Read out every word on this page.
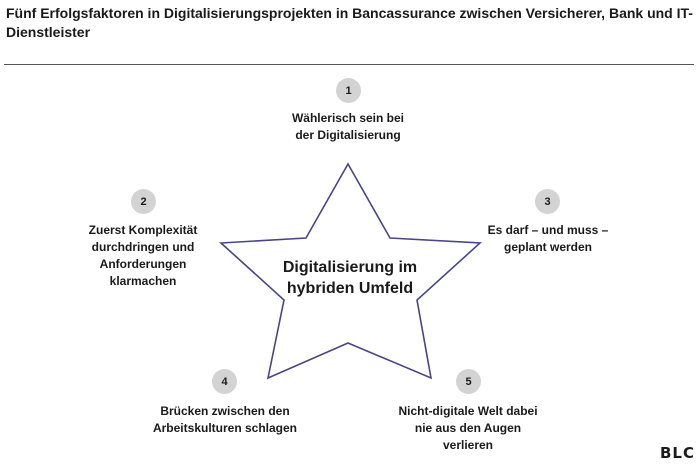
Fünf Erfolgsfaktoren in Digitalisierungsprojekten in Bancassurance zwischen Versicherer, Bank und IT-Dienstleister
Digitalisierung im hybriden Umfeld
1
Wählerisch sein bei der Digitalisierung
2
Zuerst Komplexität durchdringen und Anforderungen klarmachen
3
Es darf – und muss – geplant werden
4
Brücken zwischen den Arbeitskulturen schlagen
5
Nicht-digitale Welt dabei nie aus den Augen verlieren	BLC
